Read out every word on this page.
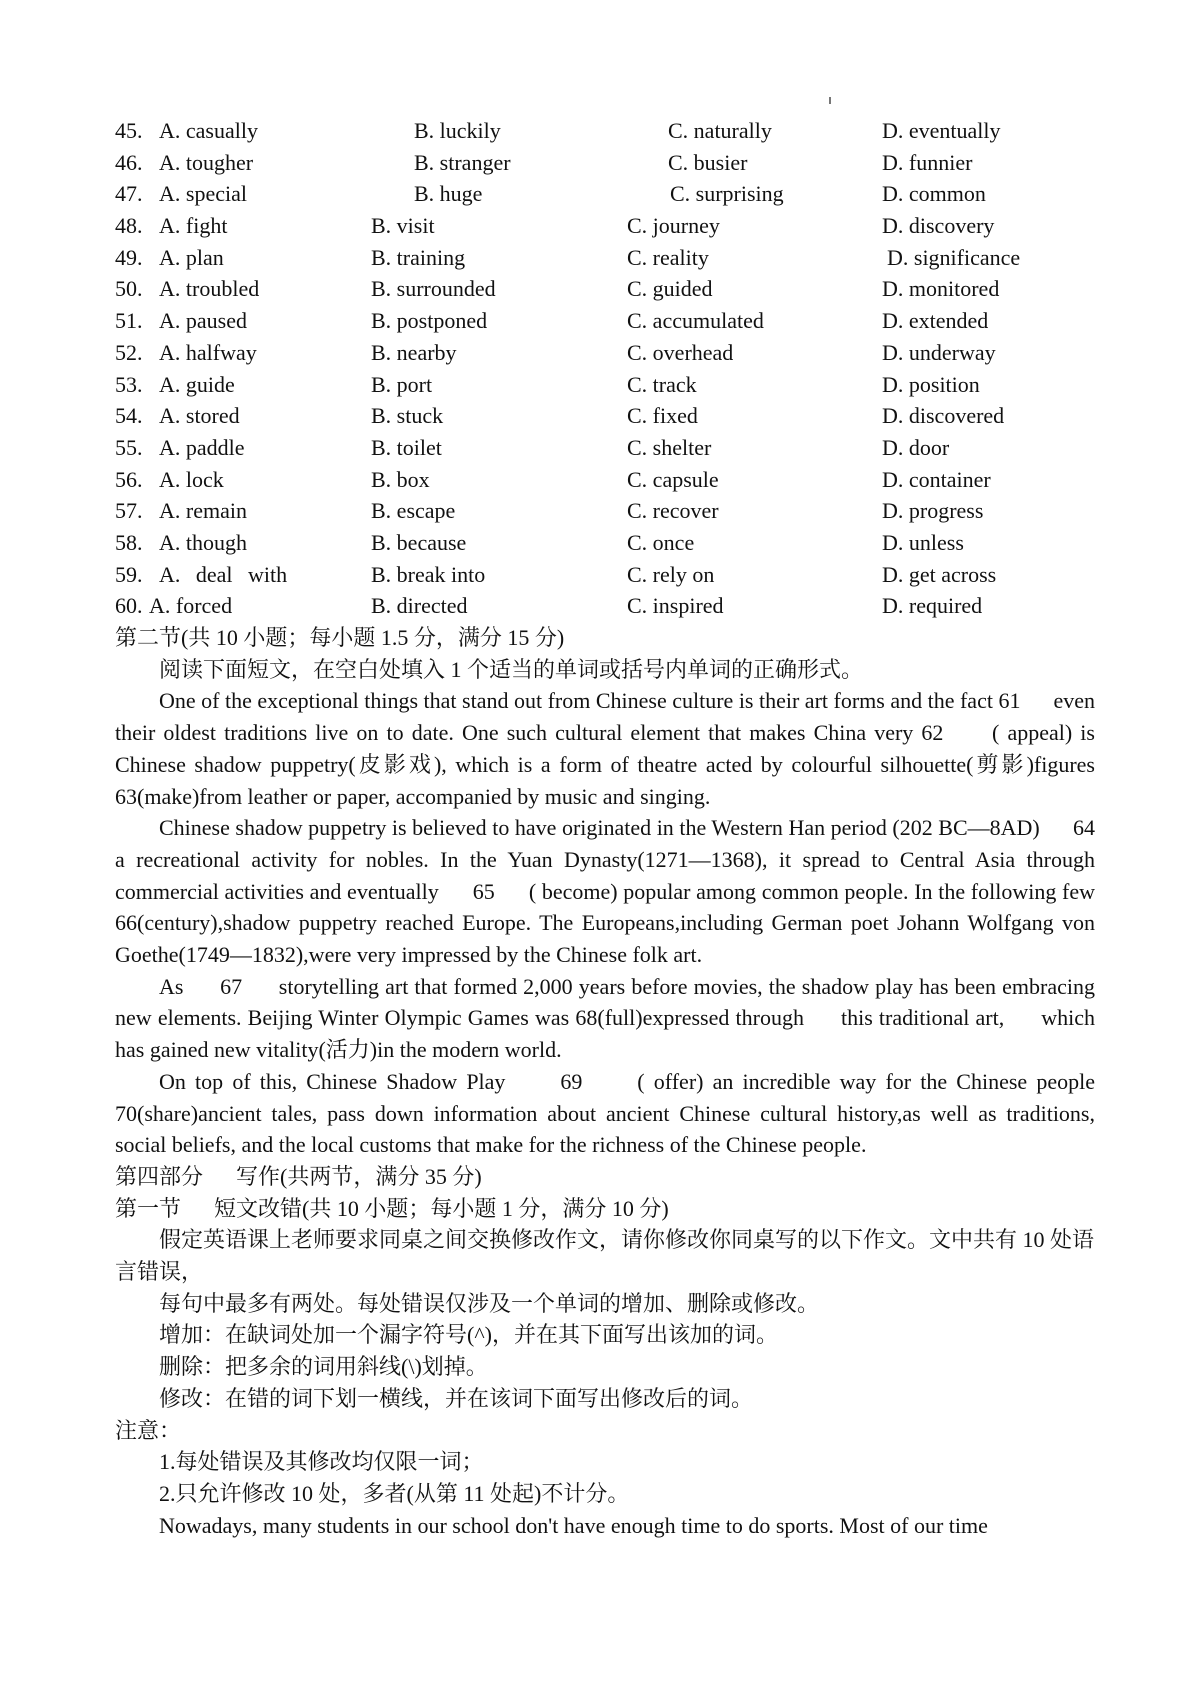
45. A. casually	B. luckily	C. naturally	D. eventually
46. A. tougher	B. stranger	C. busier	D. funnier
47. A. special	B. huge	C. surprising	D. common
48. A. fight	B. visit	C. journey	D. discovery
49. A. plan	B. training	C. reality	D. significance
50. A. troubled	B. surrounded	C. guided	D. monitored
51. A. paused	B. postponed	C. accumulated	D. extended
52. A. halfway	B. nearby	C. overhead	D. underway
53. A. guide	B. port	C. track	D. position
54. A. stored	B. stuck	C. fixed	D. discovered
55. A. paddle	B. toilet	C. shelter	D. door
56. A. lock	B. box	C. capsule	D. container
57. A. remain	B. escape	C. recover	D. progress
58. A. though	B. because	C. once	D. unless
59. A. deal with	B. break into	C. rely on	D. get across
60. A. forced	B. directed	C. inspired	D. required

第二节(共 10 小题；每小题 1.5 分，满分 15 分)

阅读下面短文，在空白处填入 1 个适当的单词或括号内单词的正确形式。

One of the exceptional things that stand out from Chinese culture is their art forms and the fact 61      even their oldest traditions live on to date. One such cultural element that makes China very 62      ( appeal) is Chinese shadow puppetry(皮影戏), which is a form of theatre acted by colourful silhouette(剪影)figures 63(make)from leather or paper, accompanied by music and singing.

Chinese shadow puppetry is believed to have originated in the Western Han period (202 BC—8AD)      64      a recreational activity for nobles. In the Yuan Dynasty(1271—1368), it spread to Central Asia through commercial activities and eventually      65      ( become) popular among common people. In the following few 66(century),shadow puppetry reached Europe. The Europeans,including German poet Johann Wolfgang von Goethe(1749—1832),were very impressed by the Chinese folk art.

As      67      storytelling art that formed 2,000 years before movies, the shadow play has been embracing new elements. Beijing Winter Olympic Games was 68(full)expressed through      this traditional art,      which has gained new vitality(活力)in the modern world.

On top of this, Chinese Shadow Play      69      ( offer) an incredible way for the Chinese people 70(share)ancient tales, pass down information about ancient Chinese cultural history,as well as traditions, social beliefs, and the local customs that make for the richness of the Chinese people.

第四部分      写作(共两节，满分 35 分)

第一节      短文改错(共 10 小题；每小题 1 分，满分 10 分)

假定英语课上老师要求同桌之间交换修改作文，请你修改你同桌写的以下作文。文中共有 10 处语言错误，

每句中最多有两处。每处错误仅涉及一个单词的增加、删除或修改。

增加：在缺词处加一个漏字符号(^)，并在其下面写出该加的词。

删除：把多余的词用斜线(\)划掉。

修改：在错的词下划一横线，并在该词下面写出修改后的词。

注意：

1.每处错误及其修改均仅限一词；

2.只允许修改 10 处，多者(从第 11 处起)不计分。

Nowadays, many students in our school don't have enough time to do sports. Most of our time
